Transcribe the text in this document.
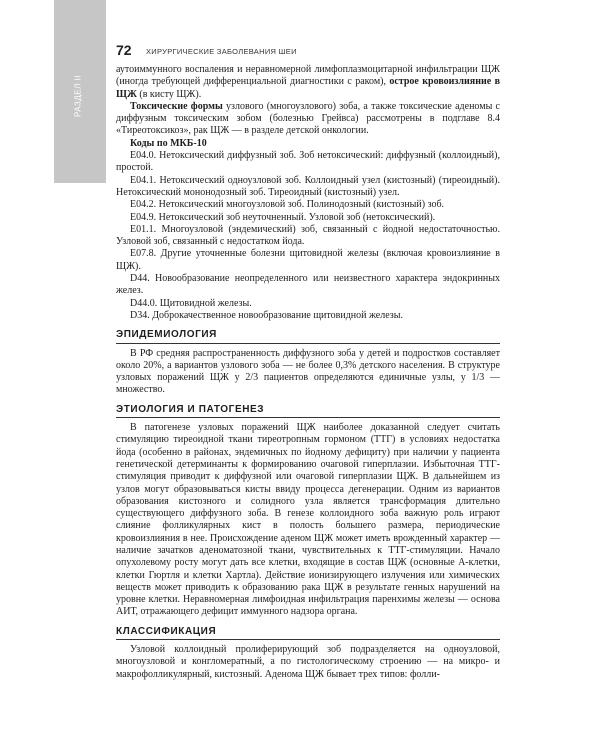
РАЗДЕЛ II
72 ХИРУРГИЧЕСКИЕ ЗАБОЛЕВАНИЯ ШЕИ

аутоиммунного воспаления и неравномерной лимфоплазмоцитарной инфильтрации ЩЖ (иногда требующей дифференциальной диагностики с раком), острое кровоизлияние в ЩЖ (в кисту ЩЖ).

Токсические формы узлового (многоузлового) зоба, а также токсические аденомы с диффузным токсическим зобом (болезнью Грейвса) рассмотрены в подглаве 8.4 «Тиреотоксикоз», рак ЩЖ — в разделе детской онкологии.

Коды по МКБ-10

E04.0. Нетоксический диффузный зоб. Зоб нетоксический: диффузный (коллоидный), простой.

E04.1. Нетоксический одноузловой зоб. Коллоидный узел (кистозный) (тиреоидный). Нетоксический мононодозный зоб. Тиреоидный (кистозный) узел.

E04.2. Нетоксический многоузловой зоб. Полинодозный (кистозный) зоб.

E04.9. Нетоксический зоб неуточненный. Узловой зоб (нетоксический).

E01.1. Многоузловой (эндемический) зоб, связанный с йодной недостаточностью. Узловой зоб, связанный с недостатком йода.

E07.8. Другие уточненные болезни щитовидной железы (включая кровоизлияние в ЩЖ).

D44. Новообразование неопределенного или неизвестного характера эндокринных желез.

D44.0. Щитовидной железы.

D34. Доброкачественное новообразование щитовидной железы.

ЭПИДЕМИОЛОГИЯ

В РФ средняя распространенность диффузного зоба у детей и подростков составляет около 20%, а вариантов узлового зоба — не более 0,3% детского населения. В структуре узловых поражений ЩЖ у 2/3 пациентов определяются единичные узлы, у 1/3 — множество.

ЭТИОЛОГИЯ И ПАТОГЕНЕЗ

В патогенезе узловых поражений ЩЖ наиболее доказанной следует считать стимуляцию тиреоидной ткани тиреотропным гормоном (ТТГ) в условиях недостатка йода (особенно в районах, эндемичных по йодному дефициту) при наличии у пациента генетической детерминанты к формированию очаговой гиперплазии. Избыточная ТТГ-стимуляция приводит к диффузной или очаговой гиперплазии ЩЖ. В дальнейшем из узлов могут образовываться кисты ввиду процесса дегенерации. Одним из вариантов образования кистозного и солидного узла является трансформация длительно существующего диффузного зоба. В генезе коллоидного зоба важную роль играют слияние фолликулярных кист в полость большего размера, периодические кровоизлияния в нее. Происхождение аденом ЩЖ может иметь врожденный характер — наличие зачатков аденоматозной ткани, чувствительных к ТТГ-стимуляции. Начало опухолевому росту могут дать все клетки, входящие в состав ЩЖ (основные А-клетки, клетки Гюртля и клетки Хартла). Действие ионизирующего излучения или химических веществ может приводить к образованию рака ЩЖ в результате генных нарушений на уровне клетки. Неравномерная лимфоидная инфильтрация паренхимы железы — основа АИТ, отражающего дефицит иммунного надзора органа.

КЛАССИФИКАЦИЯ

Узловой коллоидный пролиферирующий зоб подразделяется на одноузловой, многоузловой и конгломератный, а по гистологическому строению — на микро- и макрофолликулярный, кистозный. Аденома ЩЖ бывает трех типов: фолли-
